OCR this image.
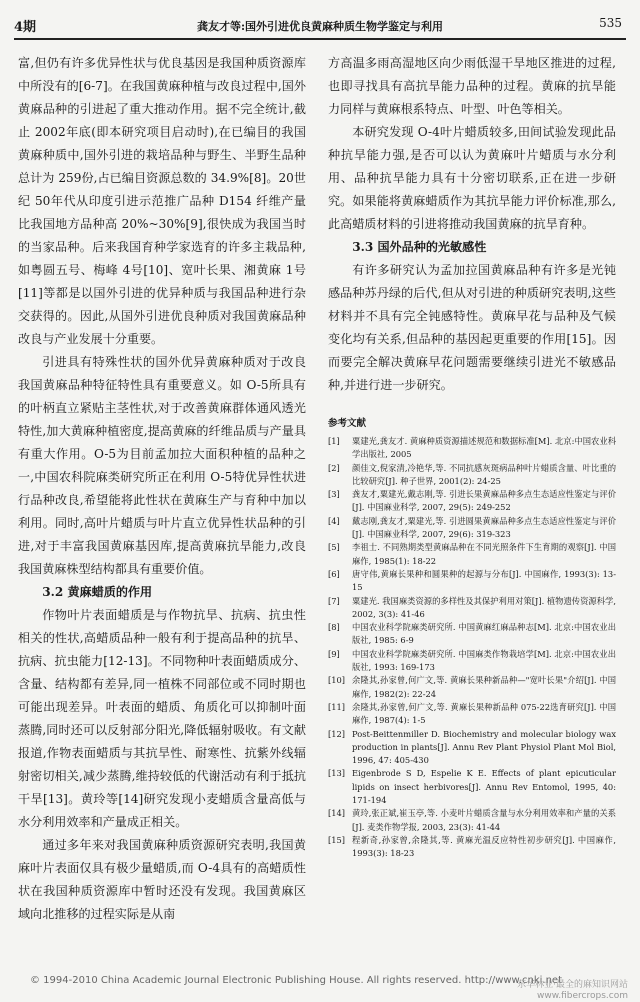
4期	龚友才等:国外引进优良黄麻种质生物学鉴定与利用	535

富,但仍有许多优异性状与优良基因是我国种质资源库中所没有的[6-7]。在我国黄麻种植与改良过程中,国外黄麻品种的引进起了重大推动作用。据不完全统计,截止 2002年底(即本研究项目启动时),在已编目的我国黄麻种质中,国外引进的栽培品种与野生、半野生品种总计为 259份,占已编目资源总数的 34.9%[8]。20世纪 50年代从印度引进示范推广品种 D154 纤维产量比我国地方品种高 20%~30%[9],很快成为我国当时的当家品种。后来我国育种学家选育的许多主栽品种,如粤圆五号、梅峰 4号[10]、宽叶长果、湘黄麻 1号[11]等都是以国外引进的优异种质与我国品种进行杂交获得的。因此,从国外引进优良种质对我国黄麻品种改良与产业发展十分重要。

引进具有特殊性状的国外优异黄麻种质对于改良我国黄麻品种特征特性具有重要意义。如 O-5所具有的叶柄直立紧贴主茎性状,对于改善黄麻群体通风透光特性,加大黄麻种植密度,提高黄麻的纤维品质与产量具有重大作用。O-5为目前孟加拉大面积种植的品种之一,中国农科院麻类研究所正在利用 O-5特优异性状进行品种改良,希望能将此性状在黄麻生产与育种中加以利用。同时,高叶片蜡质与叶片直立优异性状品种的引进,对于丰富我国黄麻基因库,提高黄麻抗旱能力,改良我国黄麻株型结构都具有重要价值。

3.2 黄麻蜡质的作用

作物叶片表面蜡质是与作物抗旱、抗病、抗虫性相关的性状,高蜡质品种一般有利于提高品种的抗旱、抗病、抗虫能力[12-13]。不同物种叶表面蜡质成分、含量、结构都有差异,同一植株不同部位或不同时期也可能出现差异。叶表面的蜡质、角质化可以抑制叶面蒸腾,同时还可以反射部分阳光,降低辐射吸收。有文献报道,作物表面蜡质与其抗旱性、耐寒性、抗紫外线辐射密切相关,减少蒸腾,维持较低的代谢活动有利于抵抗干旱[13]。黄玲等[14]研究发现小麦蜡质含量高低与水分利用效率和产量成正相关。

通过多年来对我国黄麻种质资源研究表明,我国黄麻叶片表面仅具有极少量蜡质,而 O-4具有的高蜡质性状在我国种质资源库中暂时还没有发现。我国黄麻区域向北推移的过程实际是从南

方高温多雨高湿地区向少雨低湿干旱地区推进的过程,也即寻找具有高抗旱能力品种的过程。黄麻的抗旱能力同样与黄麻根系特点、叶型、叶色等相关。

本研究发现 O-4叶片蜡质较多,田间试验发现此品种抗旱能力强,是否可以认为黄麻叶片蜡质与水分利用、品种抗旱能力具有十分密切联系,正在进一步研究。如果能将黄麻蜡质作为其抗旱能力评价标准,那么,此高蜡质材料的引进将推动我国黄麻的抗旱育种。

3.3 国外品种的光敏感性

有许多研究认为孟加拉国黄麻品种有许多是光钝感品种苏丹绿的后代,但从对引进的种质研究表明,这些材料并不具有完全钝感特性。黄麻早花与品种及气候变化均有关系,但品种的基因起更重要的作用[15]。因而要完全解决黄麻早花问题需要继续引进光不敏感品种,并进行进一步研究。

参考文献
[1]	粟建光,龚友才. 黄麻种质资源描述规范和数据标准[M]. 北京:中国农业科学出版社, 2005
[2]	颜佳文,倪家清,冷艳华,等. 不同抗感灰斑病品种叶片蜡质含量、叶比重的比较研究[J]. 种子世界, 2001(2): 24-25
[3]	龚友才,粟建光,戴志刚,等. 引进长果黄麻品种多点生态适应性鉴定与评价[J]. 中国麻业科学, 2007, 29(5): 249-252
[4]	戴志刚,龚友才,粟建光,等. 引进圆果黄麻品种多点生态适应性鉴定与评价[J]. 中国麻业科学, 2007, 29(6): 319-323
[5]	李祖士. 不同熟期类型黄麻品种在不同光照条件下生育期的观察[J]. 中国麻作, 1985(1): 18-22
[6]	唐守伟,黄麻长果种和圆果种的起源与分布[J]. 中国麻作, 1993(3): 13-15
[7]	粟建光. 我国麻类资源的多样性及其保护利用对策[J]. 植物遗传资源科学, 2002, 3(3): 41-46
[8]	中国农业科学院麻类研究所. 中国黄麻红麻品种志[M]. 北京:中国农业出版社, 1985: 6-9
[9]	中国农业科学院麻类研究所. 中国麻类作物栽培学[M]. 北京:中国农业出版社, 1993: 169-173
[10] 余隆其,孙家曾,何广文,等. 黄麻长果种新品种—"宽叶长果"介绍[J]. 中国麻作, 1982(2): 22-24
[11] 余隆其,孙家曾,何广文,等. 黄麻长果种新品种 075-22选育研究[J]. 中国麻作, 1987(4): 1-5
[12] Post-Beittenmiller D. Biochemistry and molecular biology wax production in plants[J]. Annu Rev Plant Physiol Plant Mol Biol, 1996, 47: 405-430
[13] Eigenbrode S D, Espelie K E. Effects of plant epicuticular lipids on insect herbivores[J]. Annu Rev Entomol, 1995, 40: 171-194
[14] 黄玲,张正斌,崔玉亭,等. 小麦叶片蜡质含量与水分利用效率和产量的关系[J]. 麦类作物学报, 2003, 23(3): 41-44
[15] 程新奇,孙家曾,余隆其,等. 黄麻光温反应特性初步研究[J]. 中国麻作, 1993(3): 18-23
© 1994-2010 China Academic Journal Electronic Publishing House. All rights reserved. http://www.cnki.net
东华林业·最全的麻知识网站
www.fibercrops.com
